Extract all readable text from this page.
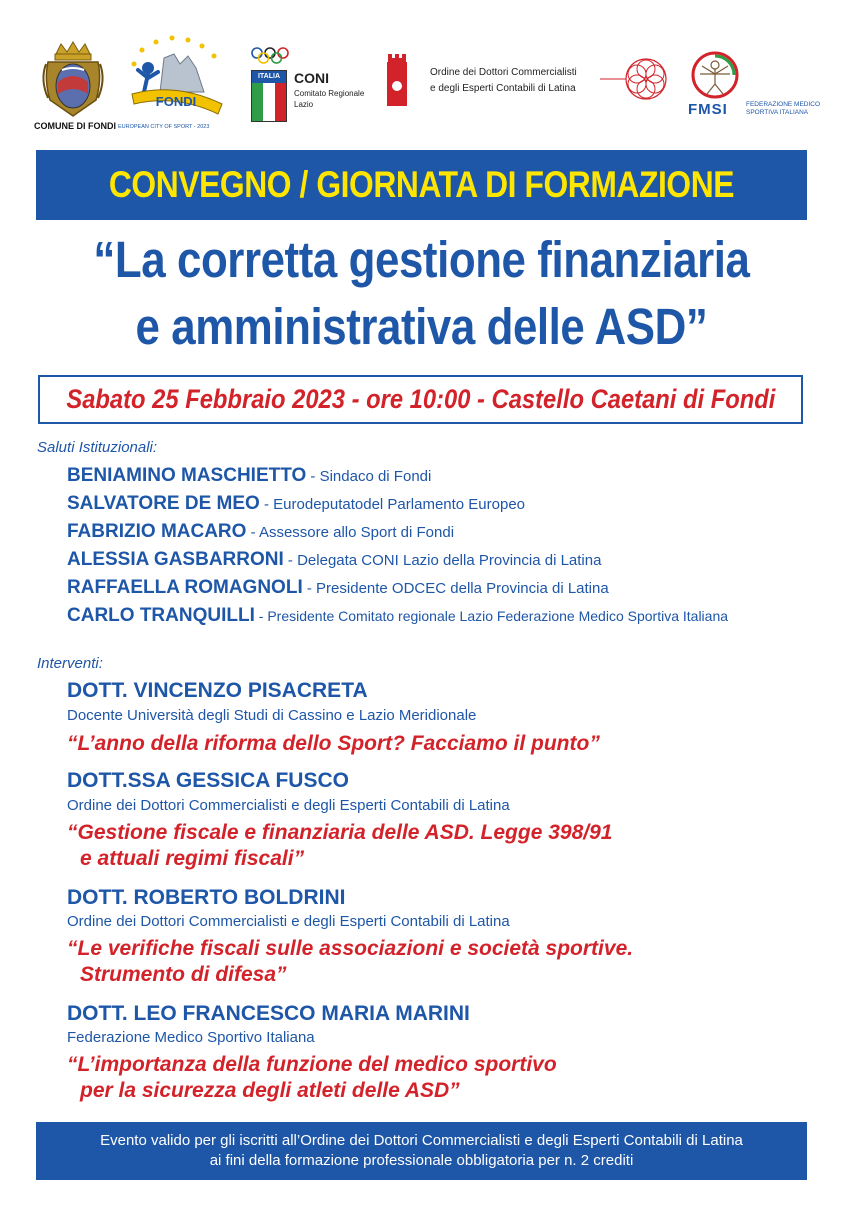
COMUNE DI FONDI
FONDI
EUROPEAN CITY OF SPORT - 2023
ITALIA CONI
Comitato Regionale
Lazio
Ordine dei Dottori Commercialisti
e degli Esperti Contabili di Latina
FMSI	FEDERAZIONE MEDICO
SPORTIVA ITALIANA
CONVEGNO / GIORNATA DI FORMAZIONE
“La corretta gestione finanziaria
e amministrativa delle ASD”
Sabato 25 Febbraio 2023 - ore 10:00 - Castello Caetani di Fondi
Saluti Istituzionali:
BENIAMINO MASCHIETTO - Sindaco di Fondi
SALVATORE DE MEO - Eurodeputatodel Parlamento Europeo
FABRIZIO MACARO - Assessore allo Sport di Fondi
ALESSIA GASBARRONI - Delegata CONI Lazio della Provincia di Latina
RAFFAELLA ROMAGNOLI - Presidente ODCEC della Provincia di Latina
CARLO TRANQUILLI - Presidente Comitato regionale Lazio Federazione Medico Sportiva Italiana
Interventi:
DOTT. VINCENZO PISACRETA
Docente Università degli Studi di Cassino e Lazio Meridionale
“L’anno della riforma dello Sport? Facciamo il punto”
DOTT.SSA GESSICA FUSCO
Ordine dei Dottori Commercialisti e degli Esperti Contabili di Latina
“Gestione fiscale e finanziaria delle ASD. Legge 398/91
e attuali regimi fiscali”
DOTT. ROBERTO BOLDRINI
Ordine dei Dottori Commercialisti e degli Esperti Contabili di Latina
“Le verifiche fiscali sulle associazioni e società sportive.
Strumento di difesa”
DOTT. LEO FRANCESCO MARIA MARINI
Federazione Medico Sportivo Italiana
“L’importanza della funzione del medico sportivo
per la sicurezza degli atleti delle ASD”
Evento valido per gli iscritti all’Ordine dei Dottori Commercialisti e degli Esperti Contabili di Latina
ai fini della formazione professionale obbligatoria per n. 2 crediti
